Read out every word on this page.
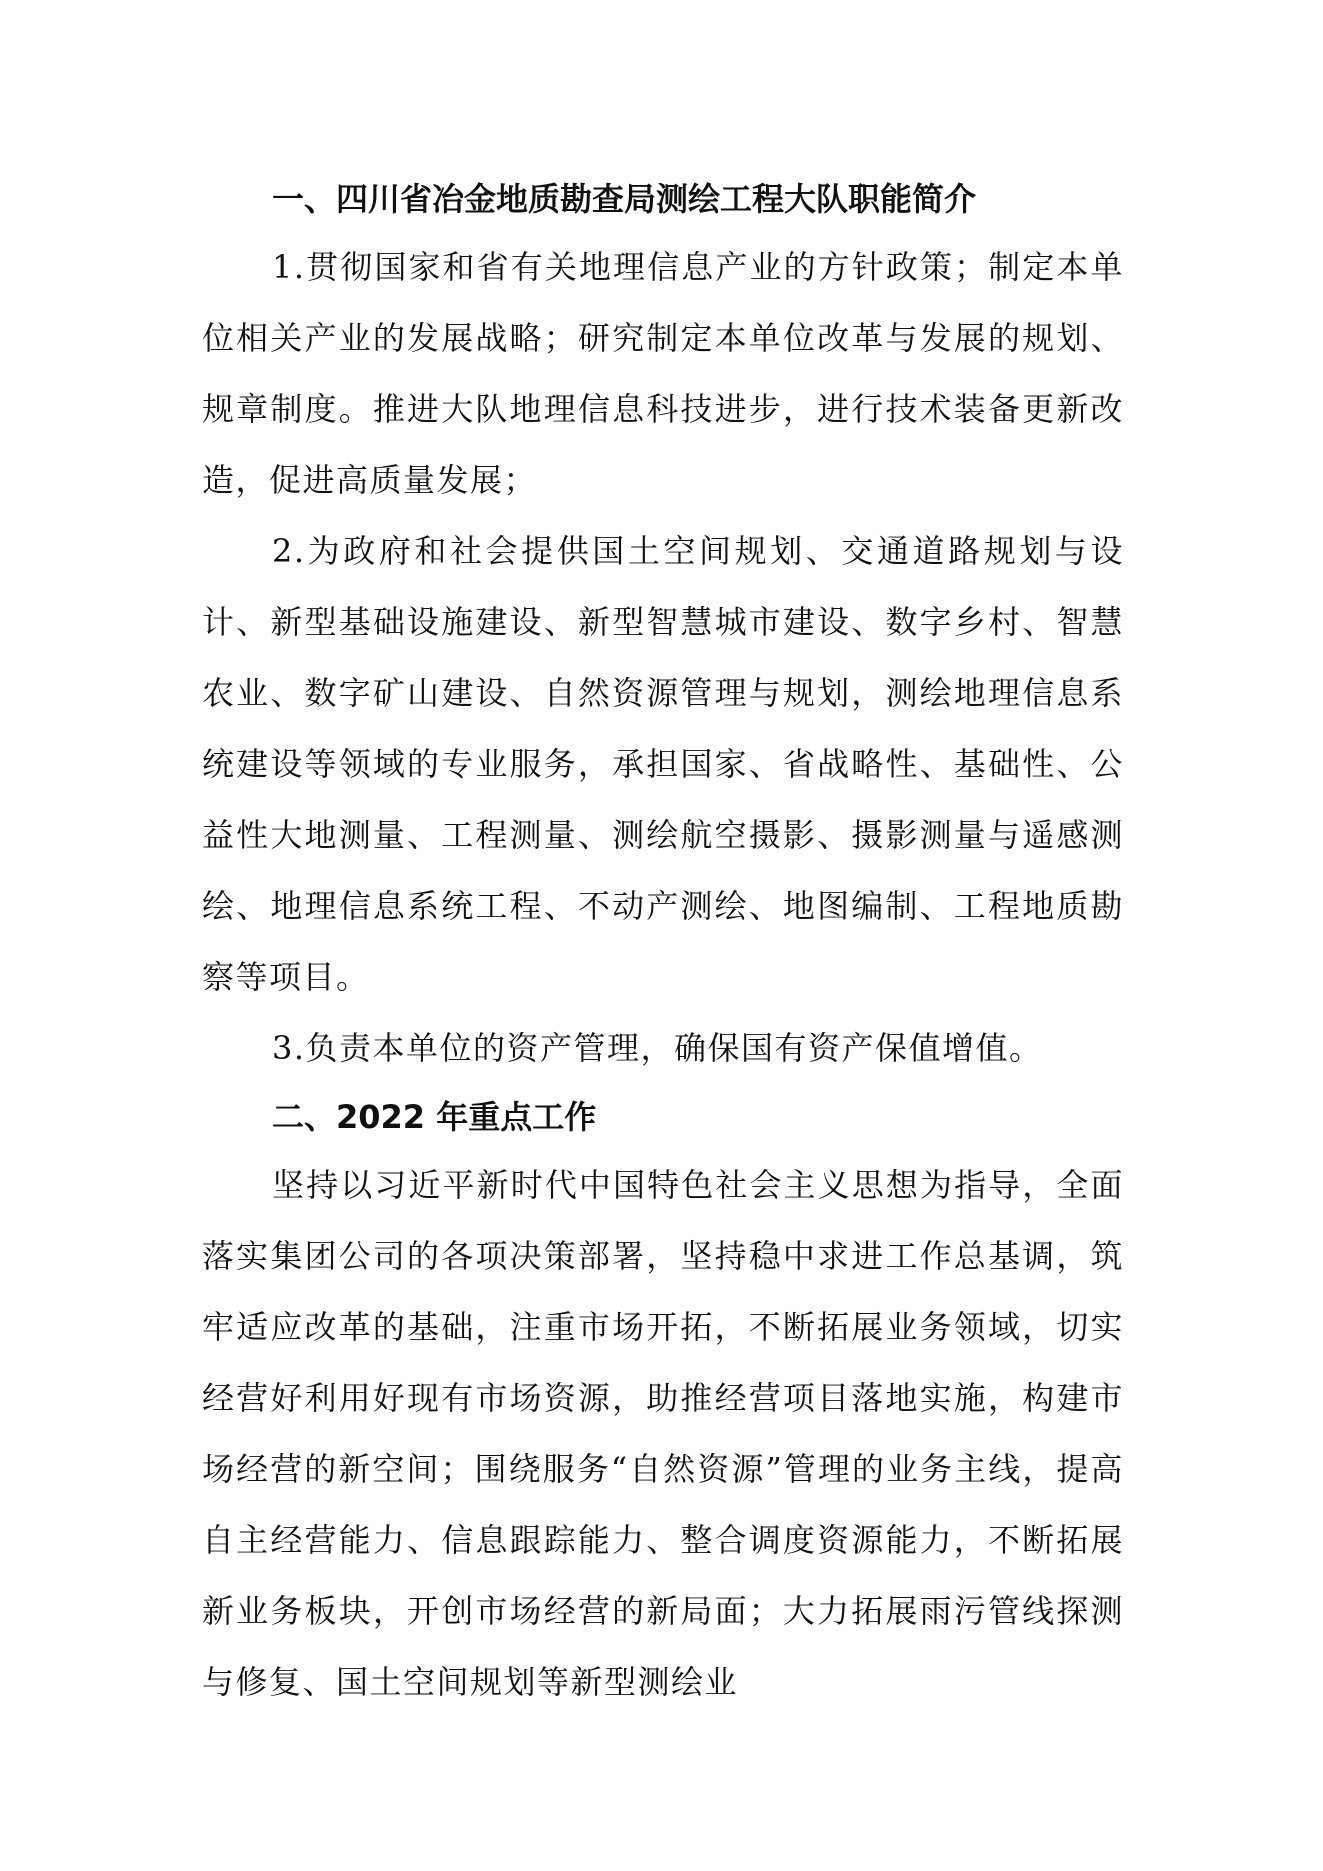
一、四川省冶金地质勘查局测绘工程大队职能简介

1.贯彻国家和省有关地理信息产业的方针政策；制定本单位相关产业的发展战略；研究制定本单位改革与发展的规划、规章制度。推进大队地理信息科技进步，进行技术装备更新改造，促进高质量发展；

2.为政府和社会提供国土空间规划、交通道路规划与设计、新型基础设施建设、新型智慧城市建设、数字乡村、智慧农业、数字矿山建设、自然资源管理与规划，测绘地理信息系统建设等领域的专业服务，承担国家、省战略性、基础性、公益性大地测量、工程测量、测绘航空摄影、摄影测量与遥感测绘、地理信息系统工程、不动产测绘、地图编制、工程地质勘察等项目。

3.负责本单位的资产管理，确保国有资产保值增值。

二、2022 年重点工作

坚持以习近平新时代中国特色社会主义思想为指导，全面落实集团公司的各项决策部署，坚持稳中求进工作总基调，筑牢适应改革的基础，注重市场开拓，不断拓展业务领域，切实经营好利用好现有市场资源，助推经营项目落地实施，构建市场经营的新空间；围绕服务“自然资源”管理的业务主线，提高自主经营能力、信息跟踪能力、整合调度资源能力，不断拓展新业务板块，开创市场经营的新局面；大力拓展雨污管线探测与修复、国土空间规划等新型测绘业
